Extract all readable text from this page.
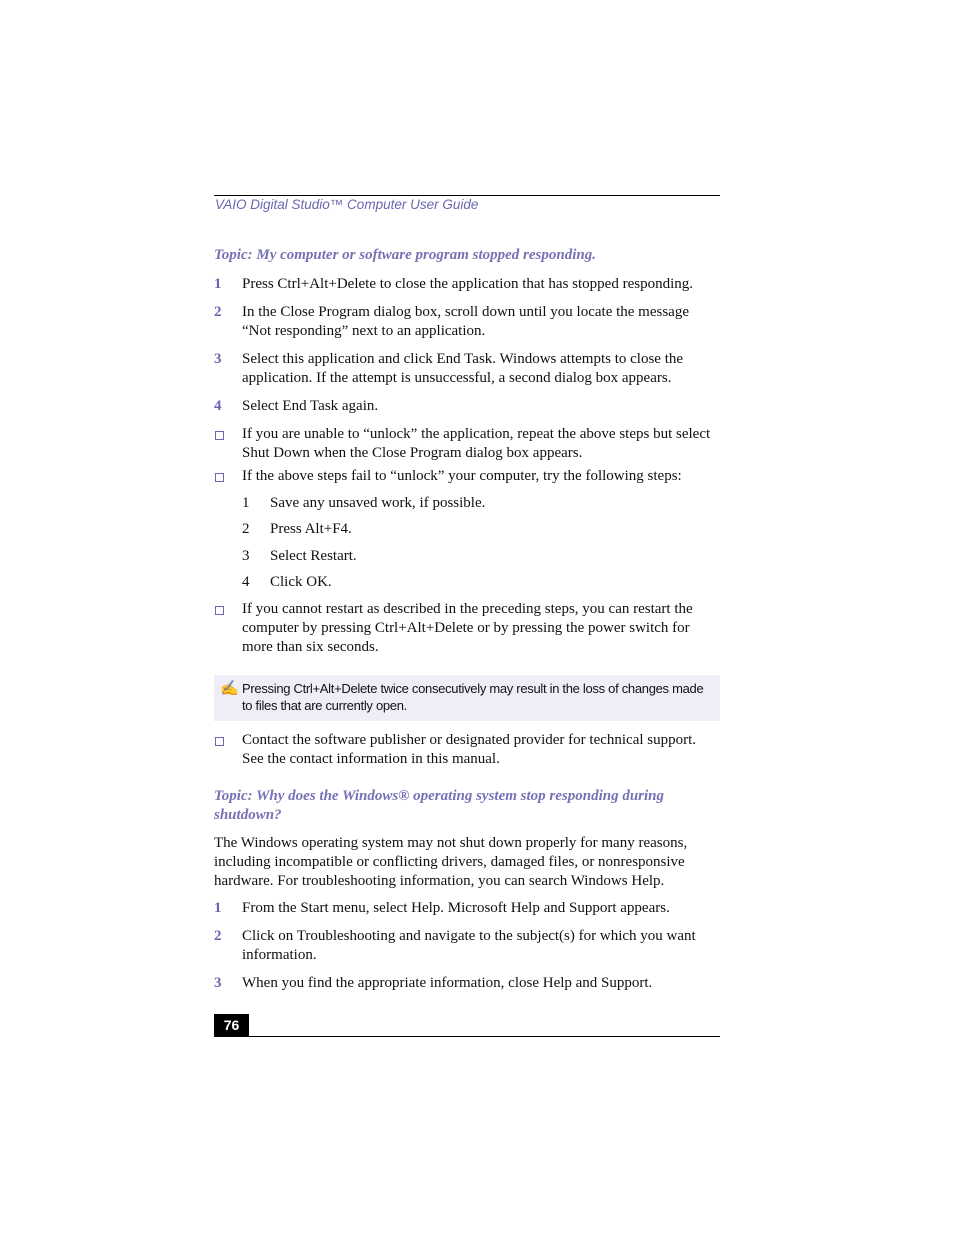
VAIO Digital Studio™ Computer User Guide
Topic: My computer or software program stopped responding.
1 Press Ctrl+Alt+Delete to close the application that has stopped responding.
2 In the Close Program dialog box, scroll down until you locate the message “Not responding” next to an application.
3 Select this application and click End Task. Windows attempts to close the application. If the attempt is unsuccessful, a second dialog box appears.
4 Select End Task again.
If you are unable to “unlock” the application, repeat the above steps but select Shut Down when the Close Program dialog box appears.
If the above steps fail to “unlock” your computer, try the following steps:
1 Save any unsaved work, if possible.
2 Press Alt+F4.
3 Select Restart.
4 Click OK.
If you cannot restart as described in the preceding steps, you can restart the computer by pressing Ctrl+Alt+Delete or by pressing the power switch for more than six seconds.
✍ Pressing Ctrl+Alt+Delete twice consecutively may result in the loss of changes made to files that are currently open.
Contact the software publisher or designated provider for technical support. See the contact information in this manual.
Topic: Why does the Windows® operating system stop responding during shutdown?
The Windows operating system may not shut down properly for many reasons, including incompatible or conflicting drivers, damaged files, or nonresponsive hardware. For troubleshooting information, you can search Windows Help.
1 From the Start menu, select Help. Microsoft Help and Support appears.
2 Click on Troubleshooting and navigate to the subject(s) for which you want information.
3 When you find the appropriate information, close Help and Support.
76
